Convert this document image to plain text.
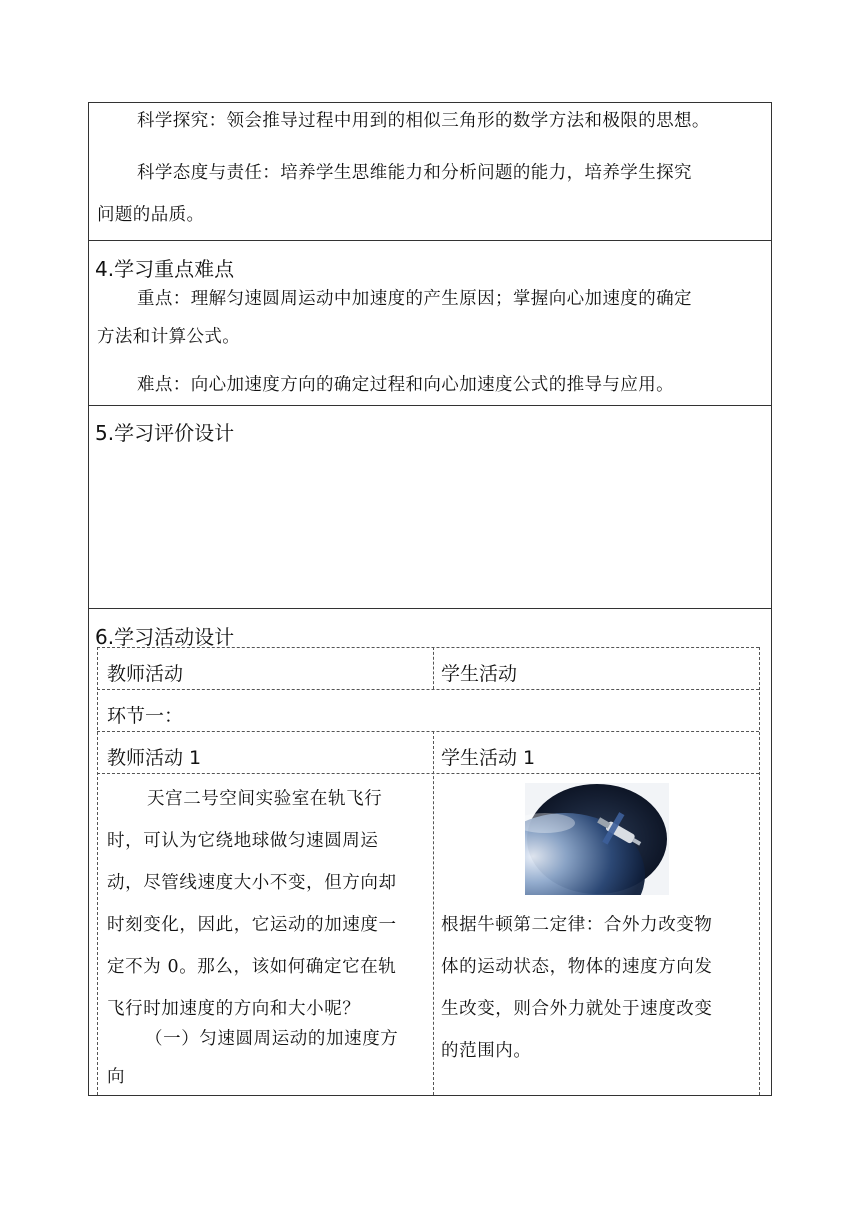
科学探究：领会推导过程中用到的相似三角形的数学方法和极限的思想。
科学态度与责任：培养学生思维能力和分析问题的能力，培养学生探究
问题的品质。
4.学习重点难点
重点：理解匀速圆周运动中加速度的产生原因；掌握向心加速度的确定
方法和计算公式。
难点：向心加速度方向的确定过程和向心加速度公式的推导与应用。
5.学习评价设计
6.学习活动设计
教师活动	学生活动
环节一：
教师活动 1	学生活动 1
天宫二号空间实验室在轨飞行
时，可认为它绕地球做匀速圆周运
动，尽管线速度大小不变，但方向却
时刻变化，因此，它运动的加速度一
定不为 0。那么，该如何确定它在轨
飞行时加速度的方向和大小呢？
（一）匀速圆周运动的加速度方
向
根据牛顿第二定律：合外力改变物
体的运动状态，物体的速度方向发
生改变，则合外力就处于速度改变
的范围内。
